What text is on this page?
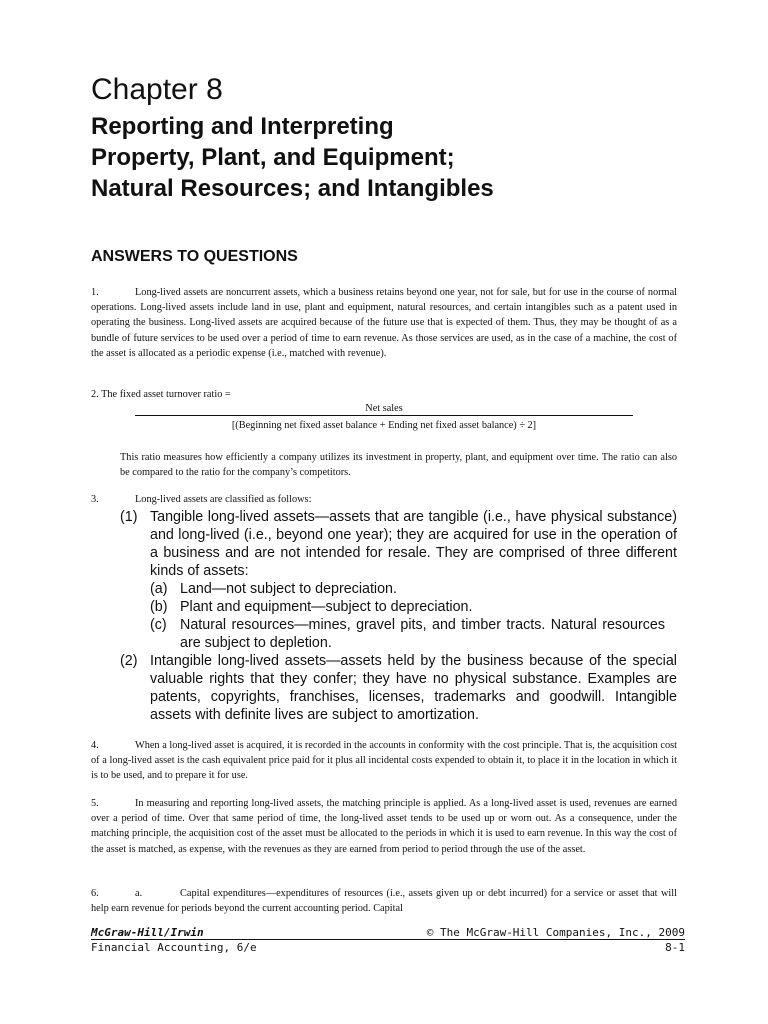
Chapter 8
Reporting and Interpreting
Property, Plant, and Equipment;
Natural Resources; and Intangibles
ANSWERS TO QUESTIONS
1.	Long-lived assets are noncurrent assets, which a business retains beyond one year, not for sale, but for use in the course of normal operations. Long-lived assets include land in use, plant and equipment, natural resources, and certain intangibles such as a patent used in operating the business. Long-lived assets are acquired because of the future use that is expected of them. Thus, they may be thought of as a bundle of future services to be used over a period of time to earn revenue. As those services are used, as in the case of a machine, the cost of the asset is allocated as a periodic expense (i.e., matched with revenue).
2. The fixed asset turnover ratio =
Net sales
[(Beginning net fixed asset balance + Ending net fixed asset balance) ÷ 2]
This ratio measures how efficiently a company utilizes its investment in property, plant, and equipment over time. The ratio can also be compared to the ratio for the company’s competitors.
3.	Long-lived assets are classified as follows:
(1) Tangible long-lived assets—assets that are tangible (i.e., have physical substance) and long-lived (i.e., beyond one year); they are acquired for use in the operation of a business and are not intended for resale. They are comprised of three different kinds of assets:
(a) Land—not subject to depreciation.
(b) Plant and equipment—subject to depreciation.
(c) Natural resources—mines, gravel pits, and timber tracts. Natural resources are subject to depletion.
(2) Intangible long-lived assets—assets held by the business because of the special valuable rights that they confer; they have no physical substance. Examples are patents, copyrights, franchises, licenses, trademarks and goodwill. Intangible assets with definite lives are subject to amortization.
4.	When a long-lived asset is acquired, it is recorded in the accounts in conformity with the cost principle. That is, the acquisition cost of a long-lived asset is the cash equivalent price paid for it plus all incidental costs expended to obtain it, to place it in the location in which it is to be used, and to prepare it for use.
5.	In measuring and reporting long-lived assets, the matching principle is applied. As a long-lived asset is used, revenues are earned over a period of time. Over that same period of time, the long-lived asset tends to be used up or worn out. As a consequence, under the matching principle, the acquisition cost of the asset must be allocated to the periods in which it is used to earn revenue. In this way the cost of the asset is matched, as expense, with the revenues as they are earned from period to period through the use of the asset.
6.	a.	Capital expenditures—expenditures of resources (i.e., assets given up or debt incurred) for a service or asset that will help earn revenue for periods beyond the current accounting period. Capital
McGraw-Hill/Irwin	© The McGraw-Hill Companies, Inc., 2009
Financial Accounting, 6/e	8-1
